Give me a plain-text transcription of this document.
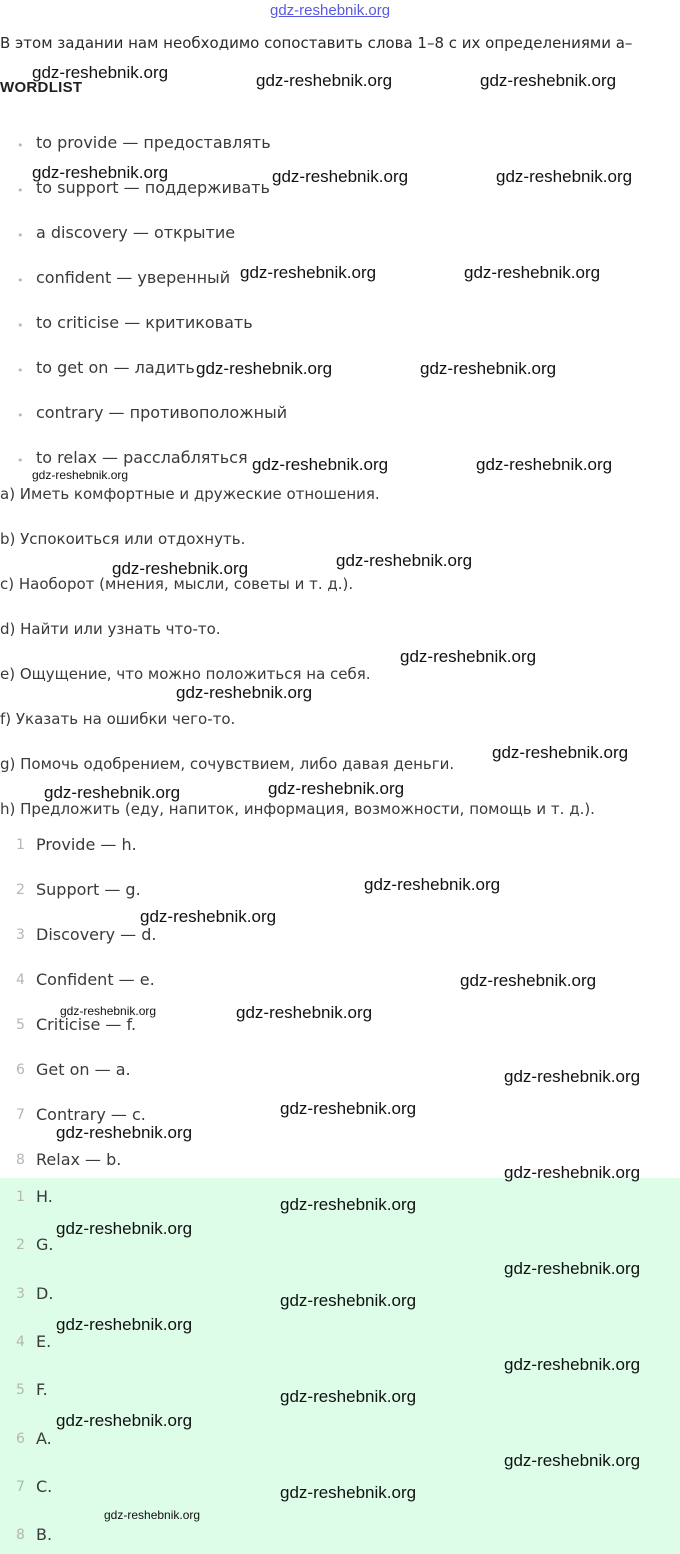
gdz-reshebnik.org
В этом задании нам необходимо сопоставить слова 1–8 с их определениями a–
WORDLIST
• to provide — предоставлять
• to support — поддерживать
• a discovery — открытие
• confident — уверенный
• to criticise — критиковать
• to get on — ладить
• contrary — противоположный
• to relax — расслабляться
a) Иметь комфортные и дружеские отношения.
b) Успокоиться или отдохнуть.
c) Наоборот (мнения, мысли, советы и т. д.).
d) Найти или узнать что-то.
e) Ощущение, что можно положиться на себя.
f) Указать на ошибки чего-то.
g) Помочь одобрением, сочувствием, либо давая деньги.
h) Предложить (еду, напиток, информация, возможности, помощь и т. д.).
1 Provide — h.
2 Support — g.
3 Discovery — d.
4 Confident — e.
5 Criticise — f.
6 Get on — a.
7 Contrary — c.
8 Relax — b.
1 H.
2 G.
3 D.
4 E.
5 F.
6 A.
7 C.
8 B.
gdz-reshebnik.org	gdz-reshebnik.org	gdz-reshebnik.org
gdz-reshebnik.org	gdz-reshebnik.org	gdz-reshebnik.org
gdz-reshebnik.org	gdz-reshebnik.org
gdz-reshebnik.org	gdz-reshebnik.org
gdz-reshebnik.org	gdz-reshebnik.org
gdz-reshebnik.org
gdz-reshebnik.org	gdz-reshebnik.org
gdz-reshebnik.org
gdz-reshebnik.org
gdz-reshebnik.org
gdz-reshebnik.org	gdz-reshebnik.org
gdz-reshebnik.org
gdz-reshebnik.org
gdz-reshebnik.org
gdz-reshebnik.org	gdz-reshebnik.org
gdz-reshebnik.org
gdz-reshebnik.org
gdz-reshebnik.org
gdz-reshebnik.org
gdz-reshebnik.org
gdz-reshebnik.org
gdz-reshebnik.org
gdz-reshebnik.org
gdz-reshebnik.org
gdz-reshebnik.org
gdz-reshebnik.org
gdz-reshebnik.org
gdz-reshebnik.org
gdz-reshebnik.org
gdz-reshebnik.org
